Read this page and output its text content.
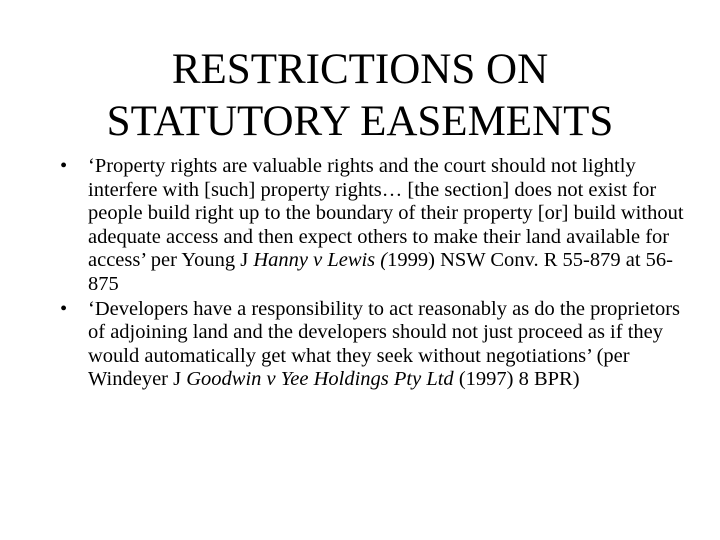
RESTRICTIONS ON
STATUTORY EASEMENTS
•	‘Property rights are valuable rights and the court should not lightly interfere with [such] property rights… [the section] does not exist for people build right up to the boundary of their property [or] build without adequate access and then expect others to make their land available for access’ per Young J Hanny v Lewis (1999) NSW Conv. R 55-879 at 56-875
•	‘Developers have a responsibility to act reasonably as do the proprietors of adjoining land and the developers should not just proceed as if they would automatically get what they seek without negotiations’ (per Windeyer J Goodwin v Yee Holdings Pty Ltd (1997) 8 BPR)
